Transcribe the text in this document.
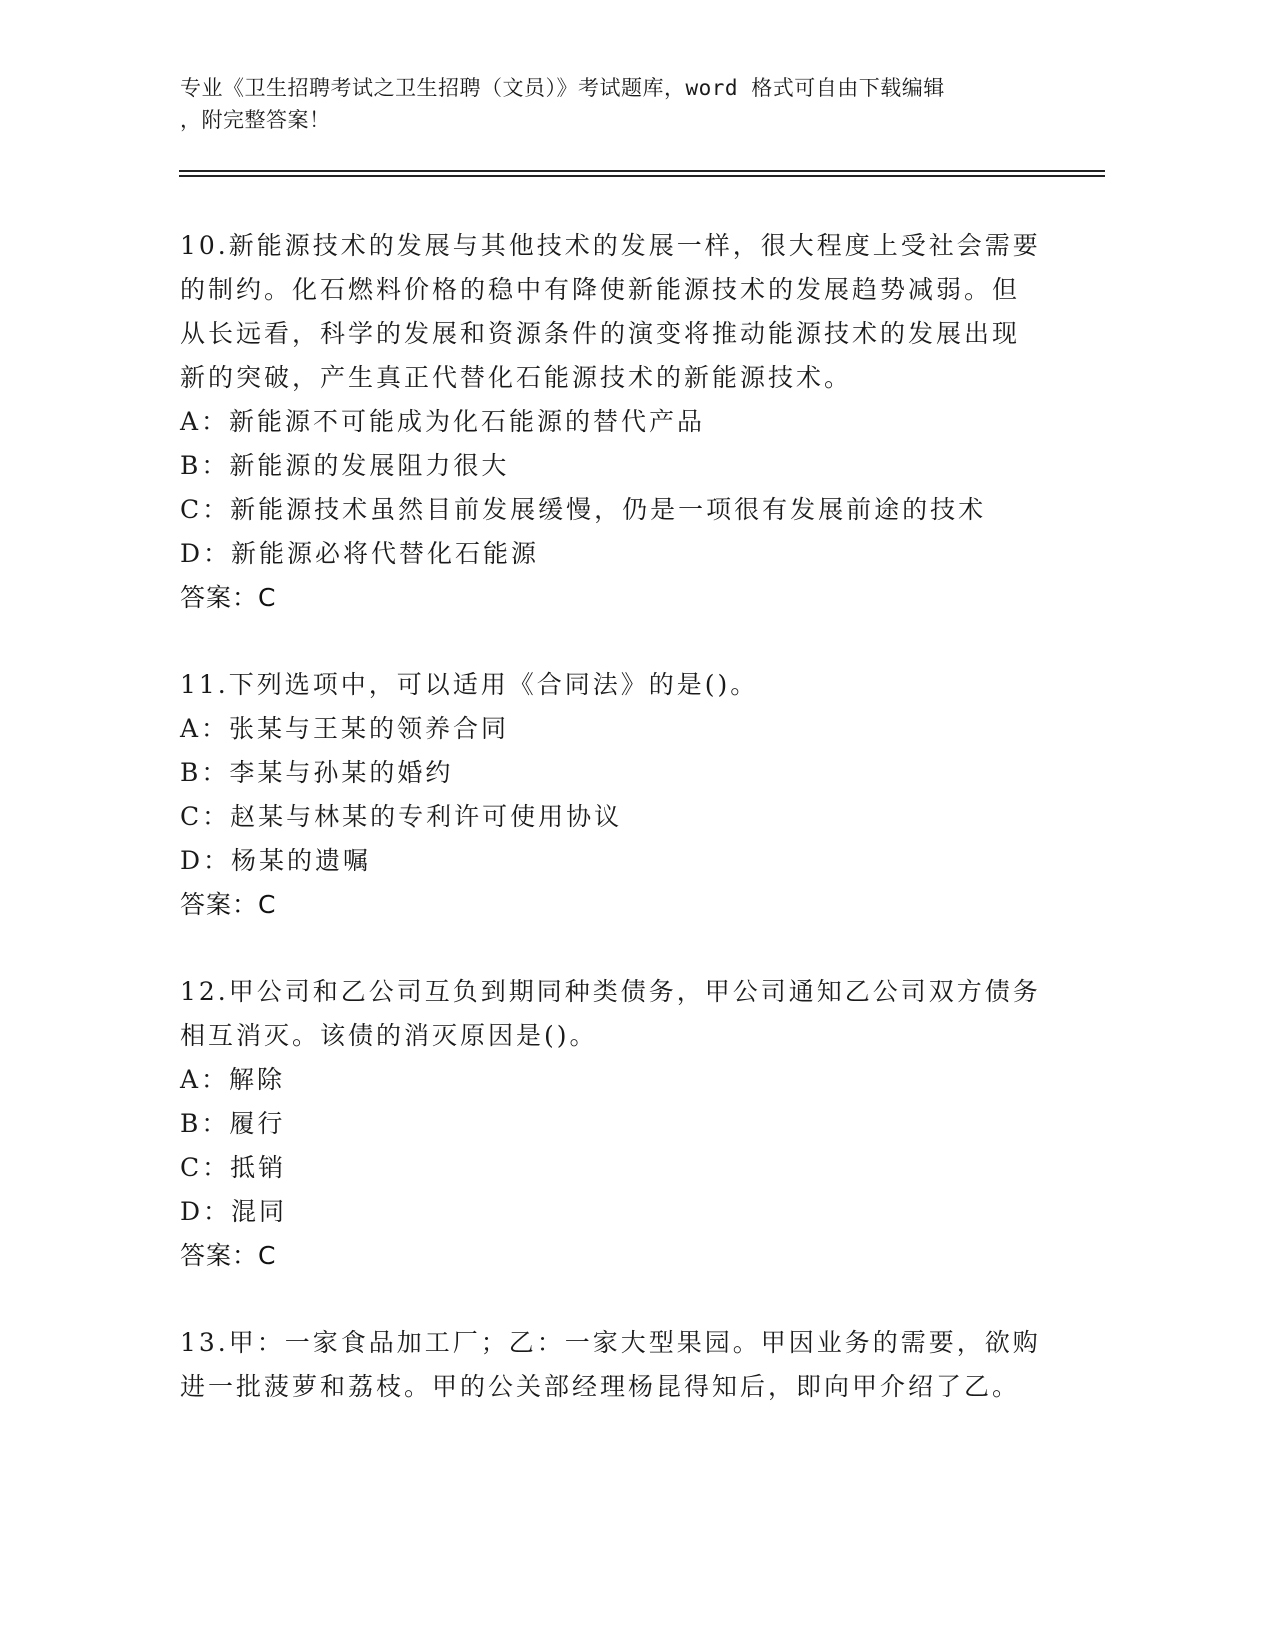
专业《卫生招聘考试之卫生招聘（文员）》考试题库，word 格式可自由下载编辑
，附完整答案！
10.新能源技术的发展与其他技术的发展一样，很大程度上受社会需要
的制约。化石燃料价格的稳中有降使新能源技术的发展趋势减弱。但
从长远看，科学的发展和资源条件的演变将推动能源技术的发展出现
新的突破，产生真正代替化石能源技术的新能源技术。
A：新能源不可能成为化石能源的替代产品
B：新能源的发展阻力很大
C：新能源技术虽然目前发展缓慢，仍是一项很有发展前途的技术
D：新能源必将代替化石能源
答案：C
11.下列选项中，可以适用《合同法》的是()。
A：张某与王某的领养合同
B：李某与孙某的婚约
C：赵某与林某的专利许可使用协议
D：杨某的遗嘱
答案：C
12.甲公司和乙公司互负到期同种类债务，甲公司通知乙公司双方债务
相互消灭。该债的消灭原因是()。
A：解除
B：履行
C：抵销
D：混同
答案：C
13.甲：一家食品加工厂；乙：一家大型果园。甲因业务的需要，欲购
进一批菠萝和荔枝。甲的公关部经理杨昆得知后，即向甲介绍了乙。
